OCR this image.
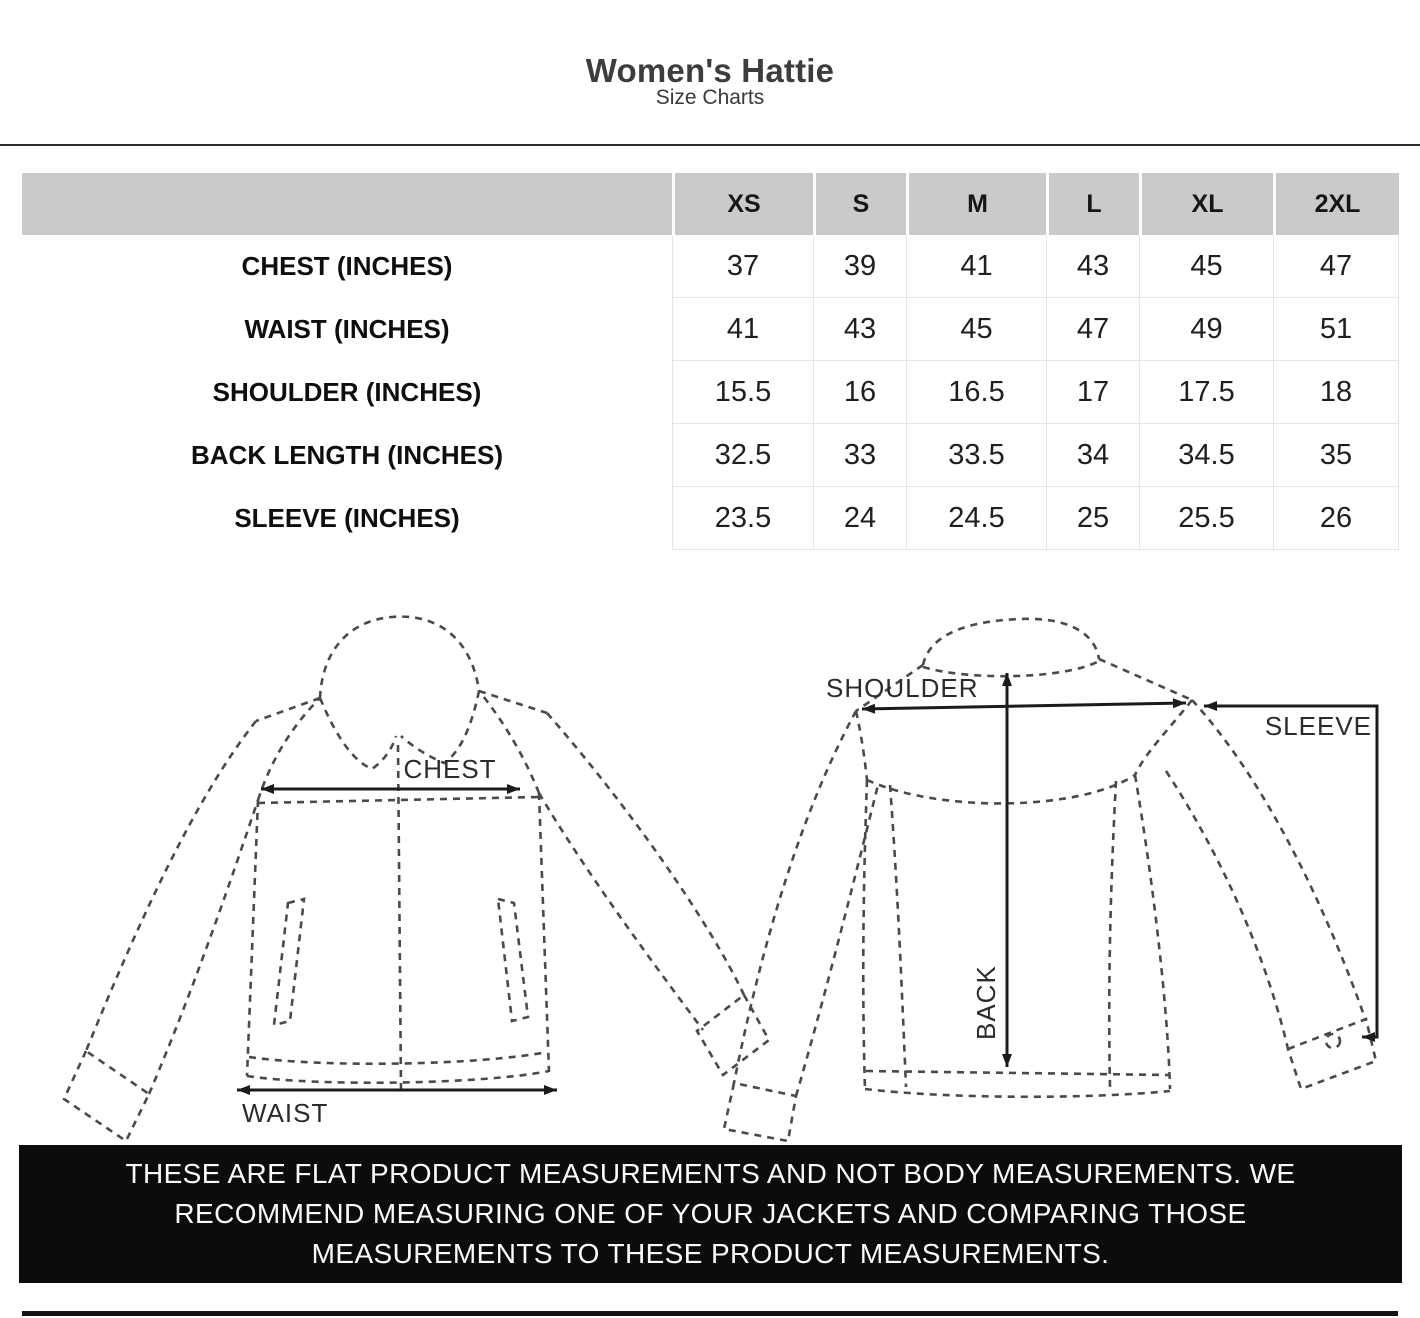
Women's Hattie
Size Charts
	XS	S	M	L	XL	2XL
CHEST (INCHES)	37	39	41	43	45	47
WAIST (INCHES)	41	43	45	47	49	51
SHOULDER (INCHES)	15.5	16	16.5	17	17.5	18
BACK LENGTH (INCHES)	32.5	33	33.5	34	34.5	35
SLEEVE (INCHES)	23.5	24	24.5	25	25.5	26
CHEST
WAIST
SHOULDER
BACK
SLEEVE

THESE ARE FLAT PRODUCT MEASUREMENTS AND NOT BODY MEASUREMENTS. WE RECOMMEND MEASURING ONE OF YOUR JACKETS AND COMPARING THOSE MEASUREMENTS TO THESE PRODUCT MEASUREMENTS.
